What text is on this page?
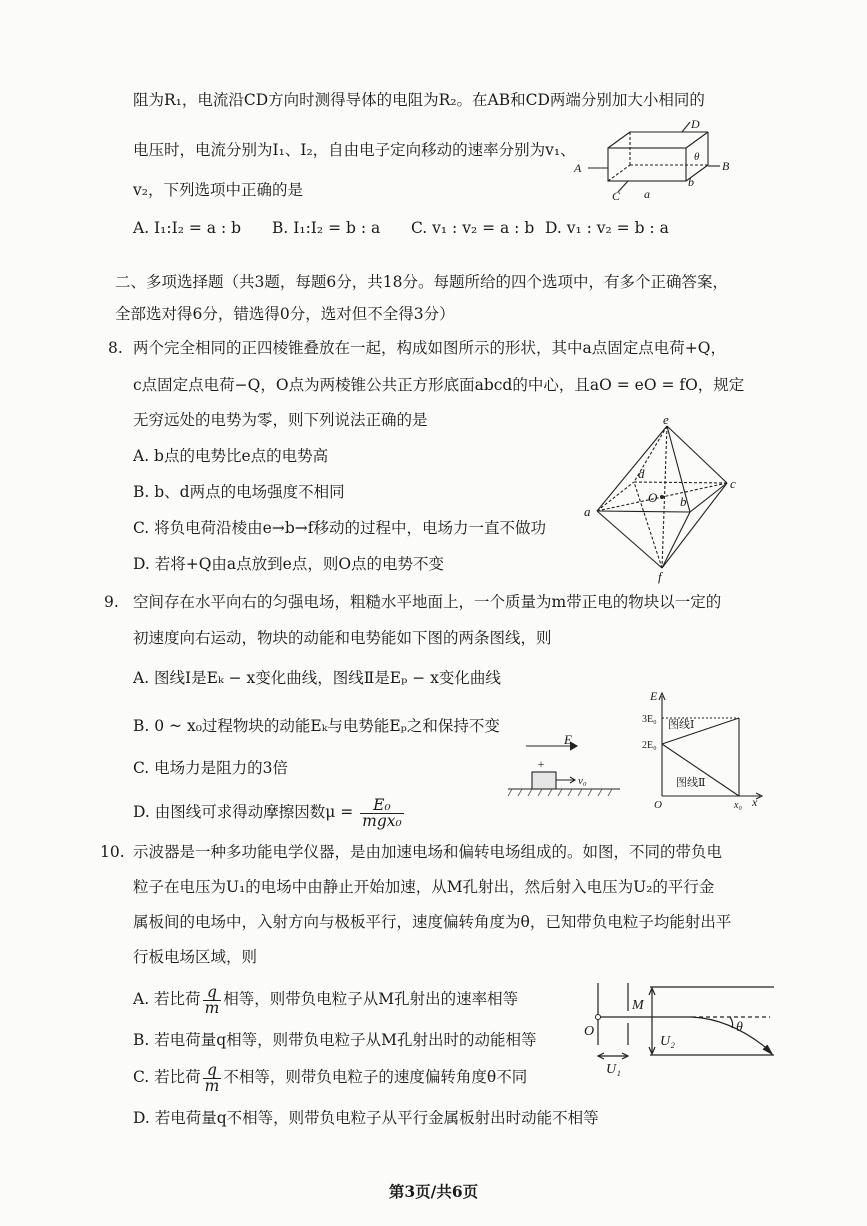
阻为R₁，电流沿CD方向时测得导体的电阻为R₂。在AB和CD两端分别加大小相同的
电压时，电流分别为I₁、I₂，自由电子定向移动的速率分别为v₁、
v₂，下列选项中正确的是
A. I₁:I₂ = a : b B. I₁:I₂ = b : a C. v₁ : v₂ = a : b D. v₁ : v₂ = b : a
A	B
C
D
a
b
θ
二、多项选择题（共3题，每题6分，共18分。每题所给的四个选项中，有多个正确答案，
全部选对得6分，错选得0分，选对但不全得3分）
8. 两个完全相同的正四棱锥叠放在一起，构成如图所示的形状，其中a点固定点电荷+Q，
c点固定点电荷−Q，O点为两棱锥公共正方形底面abcd的中心，且aO = eO = fO，规定
无穷远处的电势为零，则下列说法正确的是
A. b点的电势比e点的电势高
B. b、d两点的电场强度不相同
C. 将负电荷沿棱由e→b→f移动的过程中，电场力一直不做功
D. 若将+Q由a点放到e点，则O点的电势不变
e
a
c
d
b
f
O
9. 空间存在水平向右的匀强电场，粗糙水平地面上，一个质量为m带正电的物块以一定的
初速度向右运动，物块的动能和电势能如下图的两条图线，则
A. 图线Ⅰ是Eₖ − x变化曲线，图线Ⅱ是Eₚ − x变化曲线
B. 0 ~ x₀过程物块的动能Eₖ与电势能Eₚ之和保持不变
C. 电场力是阻力的3倍
D. 由图线可求得动摩擦因数$\mu = \frac{\text{E₀}}{\text{mgx₀}}$
+
E
v₀
E
3E₀
2E₀
图线Ⅰ
图线Ⅱ
O	x₀ x
10. 示波器是一种多功能电学仪器，是由加速电场和偏转电场组成的。如图，不同的带负电
粒子在电压为U₁的电场中由静止开始加速，从M孔射出，然后射入电压为U₂的平行金
属板间的电场中，入射方向与极板平行，速度偏转角度为θ，已知带负电粒子均能射出平
行板电场区域，则
A. 若比荷 $\frac{q}{m}$ 相等，则带负电粒子从M孔射出的速率相等
B. 若电荷量q相等，则带负电粒子从M孔射出时的动能相等
C. 若比荷 $\frac{q}{m}$ 不相等，则带负电粒子的速度偏转角度θ不同
D. 若电荷量q不相等，则带负电粒子从平行金属板射出时动能不相等
M
O
U₁
U₂
θ
第3页/共6页
